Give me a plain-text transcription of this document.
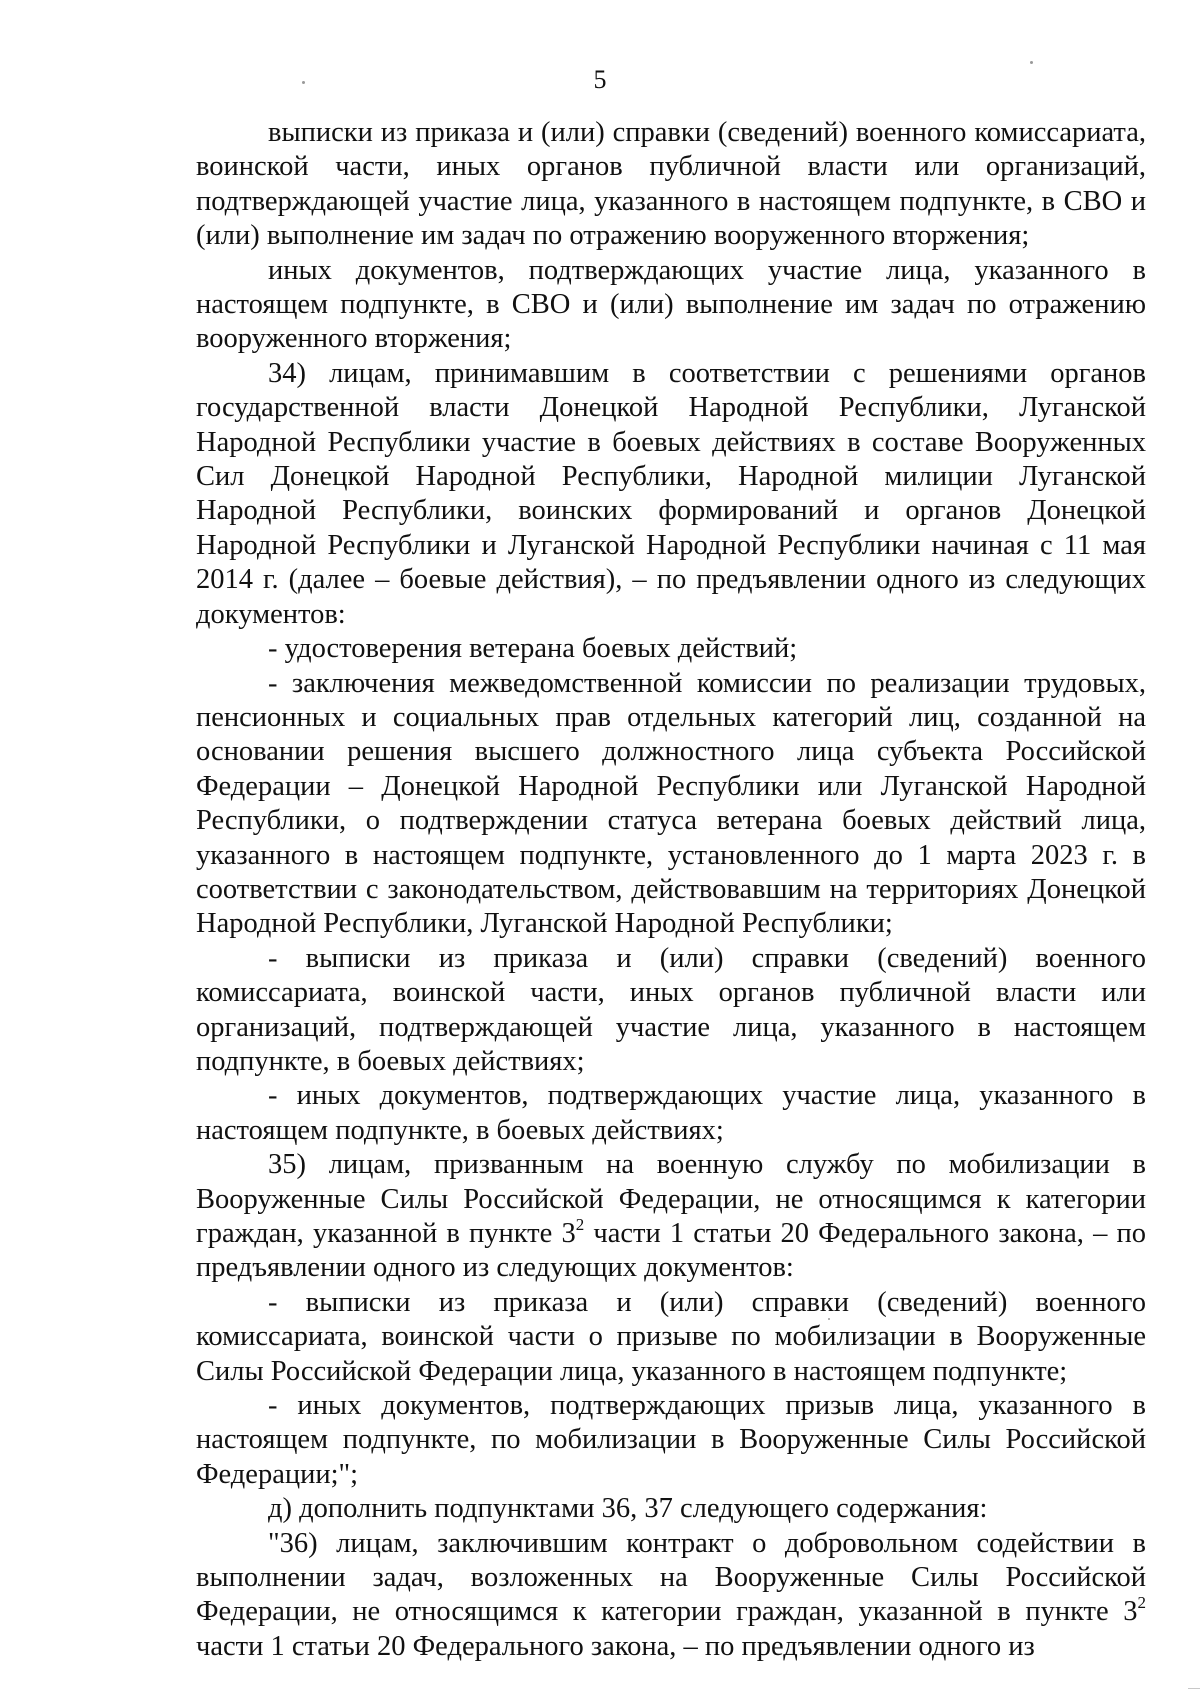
5

выписки из приказа и (или) справки (сведений) военного комиссариата, воинской части, иных органов публичной власти или организаций, подтверждающей участие лица, указанного в настоящем подпункте, в СВО и (или) выполнение им задач по отражению вооруженного вторжения;

иных документов, подтверждающих участие лица, указанного в настоящем подпункте, в СВО и (или) выполнение им задач по отражению вооруженного вторжения;

34) лицам, принимавшим в соответствии с решениями органов государственной власти Донецкой Народной Республики, Луганской Народной Республики участие в боевых действиях в составе Вооруженных Сил Донецкой Народной Республики, Народной милиции Луганской Народной Республики, воинских формирований и органов Донецкой Народной Республики и Луганской Народной Республики начиная с 11 мая 2014 г. (далее – боевые действия), – по предъявлении одного из следующих документов:

- удостоверения ветерана боевых действий;

- заключения межведомственной комиссии по реализации трудовых, пенсионных и социальных прав отдельных категорий лиц, созданной на основании решения высшего должностного лица субъекта Российской Федерации – Донецкой Народной Республики или Луганской Народной Республики, о подтверждении статуса ветерана боевых действий лица, указанного в настоящем подпункте, установленного до 1 марта 2023 г. в соответствии с законодательством, действовавшим на территориях Донецкой Народной Республики, Луганской Народной Республики;

- выписки из приказа и (или) справки (сведений) военного комиссариата, воинской части, иных органов публичной власти или организаций, подтверждающей участие лица, указанного в настоящем подпункте, в боевых действиях;

- иных документов, подтверждающих участие лица, указанного в настоящем подпункте, в боевых действиях;

35) лицам, призванным на военную службу по мобилизации в Вооруженные Силы Российской Федерации, не относящимся к категории граждан, указанной в пункте $3^2$ части 1 статьи 20 Федерального закона, – по предъявлении одного из следующих документов:

- выписки из приказа и (или) справки (сведений) военного комиссариата, воинской части о призыве по мобилизации в Вооруженные Силы Российской Федерации лица, указанного в настоящем подпункте;

- иных документов, подтверждающих призыв лица, указанного в настоящем подпункте, по мобилизации в Вооруженные Силы Российской Федерации;";

д) дополнить подпунктами 36, 37 следующего содержания:

"36) лицам, заключившим контракт о добровольном содействии в выполнении задач, возложенных на Вооруженные Силы Российской Федерации, не относящимся к категории граждан, указанной в пункте $3^2$ части 1 статьи 20 Федерального закона, – по предъявлении одного из
